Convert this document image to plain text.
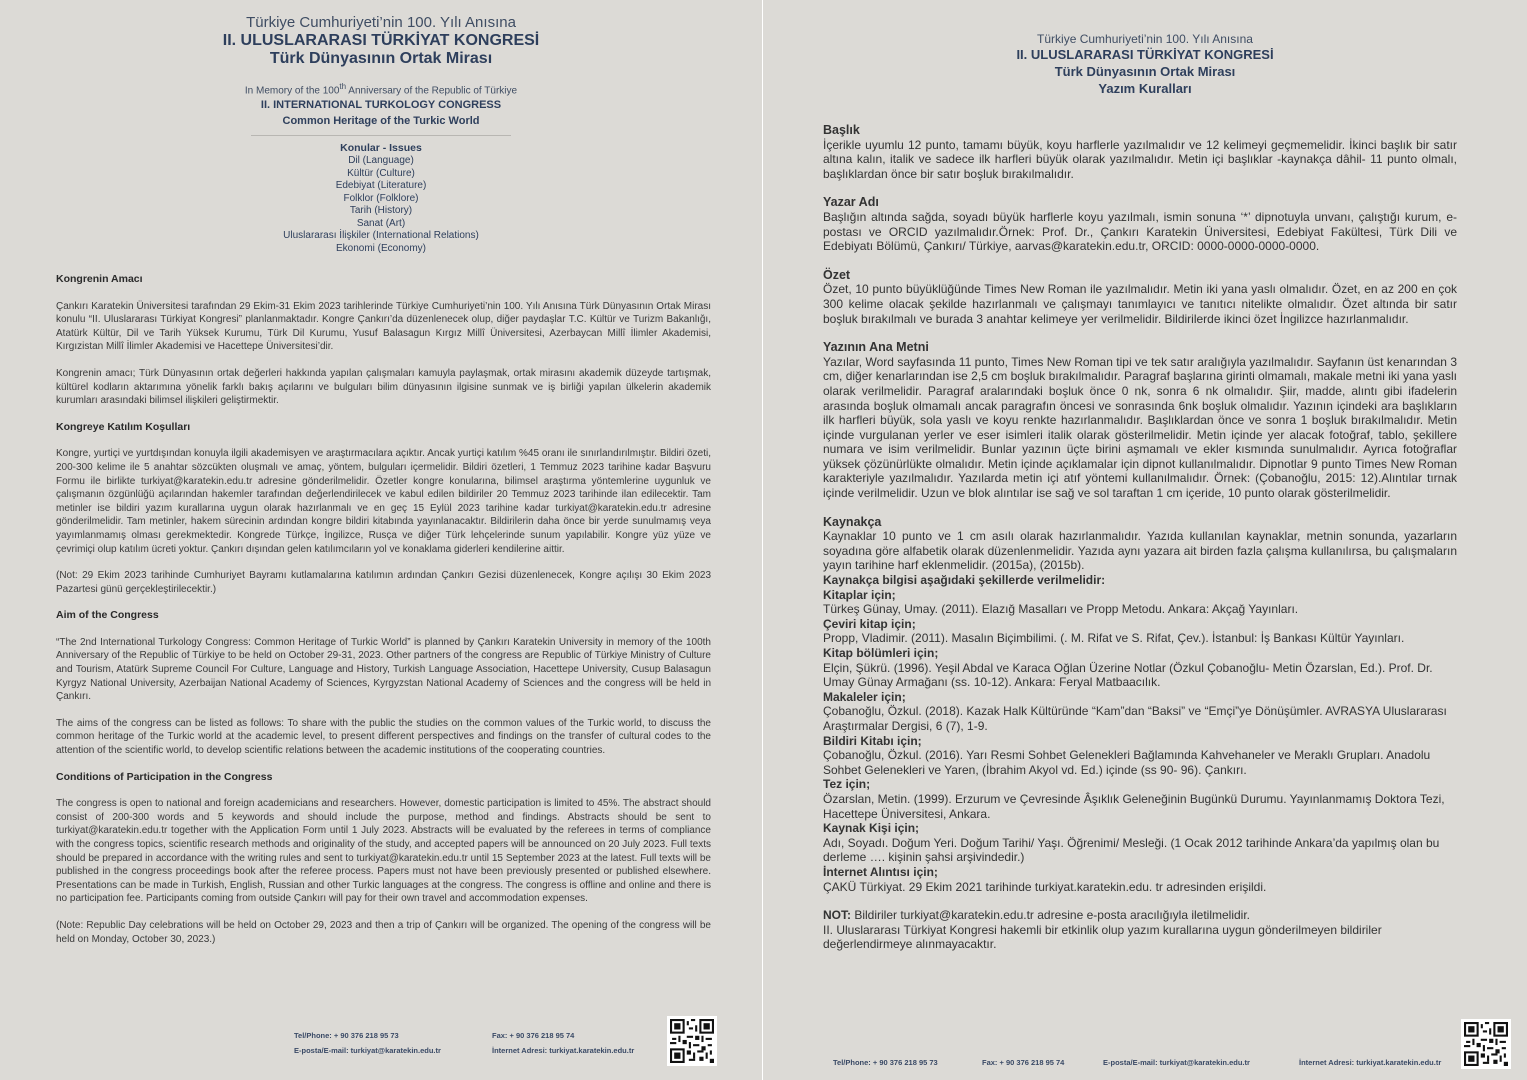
Türkiye Cumhuriyeti’nin 100. Yılı Anısına
II. ULUSLARARASI TÜRKİYAT KONGRESİ
Türk Dünyasının Ortak Mirası
In Memory of the 100th Anniversary of the Republic of Türkiye
II. INTERNATIONAL TURKOLOGY CONGRESS
Common Heritage of the Turkic World
Konular - Issues
Dil (Language)
Kültür (Culture)
Edebiyat (Literature)
Folklor (Folklore)
Tarih (History)
Sanat (Art)
Uluslararası İlişkiler (International Relations)
Ekonomi (Economy)
Kongrenin Amacı

Çankırı Karatekin Üniversitesi tarafından 29 Ekim-31 Ekim 2023 tarihlerinde Türkiye Cumhuriyeti’nin 100. Yılı Anısına Türk Dünyasının Ortak Mirası konulu “II. Uluslararası Türkiyat Kongresi” planlanmaktadır. Kongre Çankırı’da düzenlenecek olup, diğer paydaşlar T.C. Kültür ve Turizm Bakanlığı, Atatürk Kültür, Dil ve Tarih Yüksek Kurumu, Türk Dil Kurumu, Yusuf Balasagun Kırgız Millî Üniversitesi, Azerbaycan Millî İlimler Akademisi, Kırgızistan Millî İlimler Akademisi ve Hacettepe Üniversitesi’dir.

Kongrenin amacı; Türk Dünyasının ortak değerleri hakkında yapılan çalışmaları kamuyla paylaşmak, ortak mirasını akademik düzeyde tartışmak, kültürel kodların aktarımına yönelik farklı bakış açılarını ve bulguları bilim dünyasının ilgisine sunmak ve iş birliği yapılan ülkelerin akademik kurumları arasındaki bilimsel ilişkileri geliştirmektir.

Kongreye Katılım Koşulları

Kongre, yurtiçi ve yurtdışından konuyla ilgili akademisyen ve araştırmacılara açıktır. Ancak yurtiçi katılım %45 oranı ile sınırlandırılmıştır. Bildiri özeti, 200-300 kelime ile 5 anahtar sözcükten oluşmalı ve amaç, yöntem, bulguları içermelidir. Bildiri özetleri, 1 Temmuz 2023 tarihine kadar Başvuru Formu ile birlikte turkiyat@karatekin.edu.tr adresine gönderilmelidir. Özetler kongre konularına, bilimsel araştırma yöntemlerine uygunluk ve çalışmanın özgünlüğü açılarından hakemler tarafından değerlendirilecek ve kabul edilen bildiriler 20 Temmuz 2023 tarihinde ilan edilecektir. Tam metinler ise bildiri yazım kurallarına uygun olarak hazırlanmalı ve en geç 15 Eylül 2023 tarihine kadar turkiyat@karatekin.edu.tr adresine gönderilmelidir. Tam metinler, hakem sürecinin ardından kongre bildiri kitabında yayınlanacaktır. Bildirilerin daha önce bir yerde sunulmamış veya yayımlanmamış olması gerekmektedir. Kongrede Türkçe, İngilizce, Rusça ve diğer Türk lehçelerinde sunum yapılabilir. Kongre yüz yüze ve çevrimiçi olup katılım ücreti yoktur. Çankırı dışından gelen katılımcıların yol ve konaklama giderleri kendilerine aittir.

(Not: 29 Ekim 2023 tarihinde Cumhuriyet Bayramı kutlamalarına katılımın ardından Çankırı Gezisi düzenlenecek, Kongre açılışı 30 Ekim 2023 Pazartesi günü gerçekleştirilecektir.)

Aim of the Congress

“The 2nd International Turkology Congress: Common Heritage of Turkic World” is planned by Çankırı Karatekin University in memory of the 100th Anniversary of the Republic of Türkiye to be held on October 29-31, 2023. Other partners of the congress are Republic of Türkiye Ministry of Culture and Tourism, Atatürk Supreme Council For Culture, Language and History, Turkish Language Association, Hacettepe University, Cusup Balasagun Kyrgyz National University, Azerbaijan National Academy of Sciences, Kyrgyzstan National Academy of Sciences and the congress will be held in Çankırı.

The aims of the congress can be listed as follows: To share with the public the studies on the common values of the Turkic world, to discuss the common heritage of the Turkic world at the academic level, to present different perspectives and findings on the transfer of cultural codes to the attention of the scientific world, to develop scientific relations between the academic institutions of the cooperating countries.

Conditions of Participation in the Congress

The congress is open to national and foreign academicians and researchers. However, domestic participation is limited to 45%. The abstract should consist of 200-300 words and 5 keywords and should include the purpose, method and findings. Abstracts should be sent to turkiyat@karatekin.edu.tr together with the Application Form until 1 July 2023. Abstracts will be evaluated by the referees in terms of compliance with the congress topics, scientific research methods and originality of the study, and accepted papers will be announced on 20 July 2023. Full texts should be prepared in accordance with the writing rules and sent to turkiyat@karatekin.edu.tr until 15 September 2023 at the latest. Full texts will be published in the congress proceedings book after the referee process. Papers must not have been previously presented or published elsewhere. Presentations can be made in Turkish, English, Russian and other Turkic languages at the congress. The congress is offline and online and there is no participation fee. Participants coming from outside Çankırı will pay for their own travel and accommodation expenses.

(Note: Republic Day celebrations will be held on October 29, 2023 and then a trip of Çankırı will be organized. The opening of the congress will be held on Monday, October 30, 2023.)

Tel/Phone: + 90 376 218 95 73	Fax: + 90 376 218 95 74
E-posta/E-mail: turkiyat@karatekin.edu.tr	İnternet Adresi: turkiyat.karatekin.edu.tr
Türkiye Cumhuriyeti’nin 100. Yılı Anısına
II. ULUSLARARASI TÜRKİYAT KONGRESİ
Türk Dünyasının Ortak Mirası
Yazım Kuralları
Başlık

İçerikle uyumlu 12 punto, tamamı büyük, koyu harflerle yazılmalıdır ve 12 kelimeyi geçmemelidir. İkinci başlık bir satır altına kalın, italik ve sadece ilk harfleri büyük olarak yazılmalıdır. Metin içi başlıklar -kaynakça dâhil- 11 punto olmalı, başlıklardan önce bir satır boşluk bırakılmalıdır.

Yazar Adı

Başlığın altında sağda, soyadı büyük harflerle koyu yazılmalı, ismin sonuna ‘*’ dipnotuyla unvanı, çalıştığı kurum, e-postası ve ORCID yazılmalıdır.Örnek: Prof. Dr., Çankırı Karatekin Üniversitesi, Edebiyat Fakültesi, Türk Dili ve Edebiyatı Bölümü, Çankırı/ Türkiye, aarvas@karatekin.edu.tr, ORCID: 0000-0000-0000-0000.

Özet

Özet, 10 punto büyüklüğünde Times New Roman ile yazılmalıdır. Metin iki yana yaslı olmalıdır. Özet, en az 200 en çok 300 kelime olacak şekilde hazırlanmalı ve çalışmayı tanımlayıcı ve tanıtıcı nitelikte olmalıdır. Özet altında bir satır boşluk bırakılmalı ve burada 3 anahtar kelimeye yer verilmelidir. Bildirilerde ikinci özet İngilizce hazırlanmalıdır.

Yazının Ana Metni

Yazılar, Word sayfasında 11 punto, Times New Roman tipi ve tek satır aralığıyla yazılmalıdır. Sayfanın üst kenarından 3 cm, diğer kenarlarından ise 2,5 cm boşluk bırakılmalıdır. Paragraf başlarına girinti olmamalı, makale metni iki yana yaslı olarak verilmelidir. Paragraf aralarındaki boşluk önce 0 nk, sonra 6 nk olmalıdır. Şiir, madde, alıntı gibi ifadelerin arasında boşluk olmamalı ancak paragrafın öncesi ve sonrasında 6nk boşluk olmalıdır. Yazının içindeki ara başlıkların ilk harfleri büyük, sola yaslı ve koyu renkte hazırlanmalıdır. Başlıklardan önce ve sonra 1 boşluk bırakılmalıdır. Metin içinde vurgulanan yerler ve eser isimleri italik olarak gösterilmelidir. Metin içinde yer alacak fotoğraf, tablo, şekillere numara ve isim verilmelidir. Bunlar yazının üçte birini aşmamalı ve ekler kısmında sunulmalıdır. Ayrıca fotoğraflar yüksek çözünürlükte olmalıdır. Metin içinde açıklamalar için dipnot kullanılmalıdır. Dipnotlar 9 punto Times New Roman karakteriyle yazılmalıdır. Yazılarda metin içi atıf yöntemi kullanılmalıdır. Örnek: (Çobanoğlu, 2015: 12).Alıntılar tırnak içinde verilmelidir. Uzun ve blok alıntılar ise sağ ve sol taraftan 1 cm içeride, 10 punto olarak gösterilmelidir.

Kaynakça

Kaynaklar 10 punto ve 1 cm asılı olarak hazırlanmalıdır. Yazıda kullanılan kaynaklar, metnin sonunda, yazarların soyadına göre alfabetik olarak düzenlenmelidir. Yazıda aynı yazara ait birden fazla çalışma kullanılırsa, bu çalışmaların yayın tarihine harf eklenmelidir. (2015a), (2015b).

Kaynakça bilgisi aşağıdaki şekillerde verilmelidir:
Kitaplar için;
Türkeş Günay, Umay. (2011). Elazığ Masalları ve Propp Metodu. Ankara: Akçağ Yayınları.
Çeviri kitap için;
Propp, Vladimir. (2011). Masalın Biçimbilimi. (. M. Rifat ve S. Rifat, Çev.). İstanbul: İş Bankası Kültür Yayınları.
Kitap bölümleri için;
Elçin, Şükrü. (1996). Yeşil Abdal ve Karaca Oğlan Üzerine Notlar (Özkul Çobanoğlu- Metin Özarslan, Ed.). Prof. Dr. Umay Günay Armağanı (ss. 10-12). Ankara: Feryal Matbaacılık.
Makaleler için;
Çobanoğlu, Özkul. (2018). Kazak Halk Kültüründe “Kam”dan “Baksi” ve “Emçi”ye Dönüşümler. AVRASYA Uluslararası Araştırmalar Dergisi, 6 (7), 1-9.
Bildiri Kitabı için;
Çobanoğlu, Özkul. (2016). Yarı Resmi Sohbet Gelenekleri Bağlamında Kahvehaneler ve Meraklı Grupları. Anadolu Sohbet Gelenekleri ve Yaren, (İbrahim Akyol vd. Ed.) içinde (ss 90- 96). Çankırı.
Tez için;
Özarslan, Metin. (1999). Erzurum ve Çevresinde Âşıklık Geleneğinin Bugünkü Durumu. Yayınlanmamış Doktora Tezi, Hacettepe Üniversitesi, Ankara.
Kaynak Kişi için;
Adı, Soyadı. Doğum Yeri. Doğum Tarihi/ Yaşı. Öğrenimi/ Mesleği. (1 Ocak 2012 tarihinde Ankara’da yapılmış olan bu derleme …. kişinin şahsi arşivindedir.)
İnternet Alıntısı için;
ÇAKÜ Türkiyat. 29 Ekim 2021 tarihinde turkiyat.karatekin.edu. tr adresinden erişildi.
NOT: Bildiriler turkiyat@karatekin.edu.tr adresine e-posta aracılığıyla iletilmelidir.
II. Uluslararası Türkiyat Kongresi hakemli bir etkinlik olup yazım kurallarına uygun gönderilmeyen bildiriler değerlendirmeye alınmayacaktır.
Tel/Phone: + 90 376 218 95 73	Fax: + 90 376 218 95 74	E-posta/E-mail: turkiyat@karatekin.edu.tr	İnternet Adresi: turkiyat.karatekin.edu.tr
